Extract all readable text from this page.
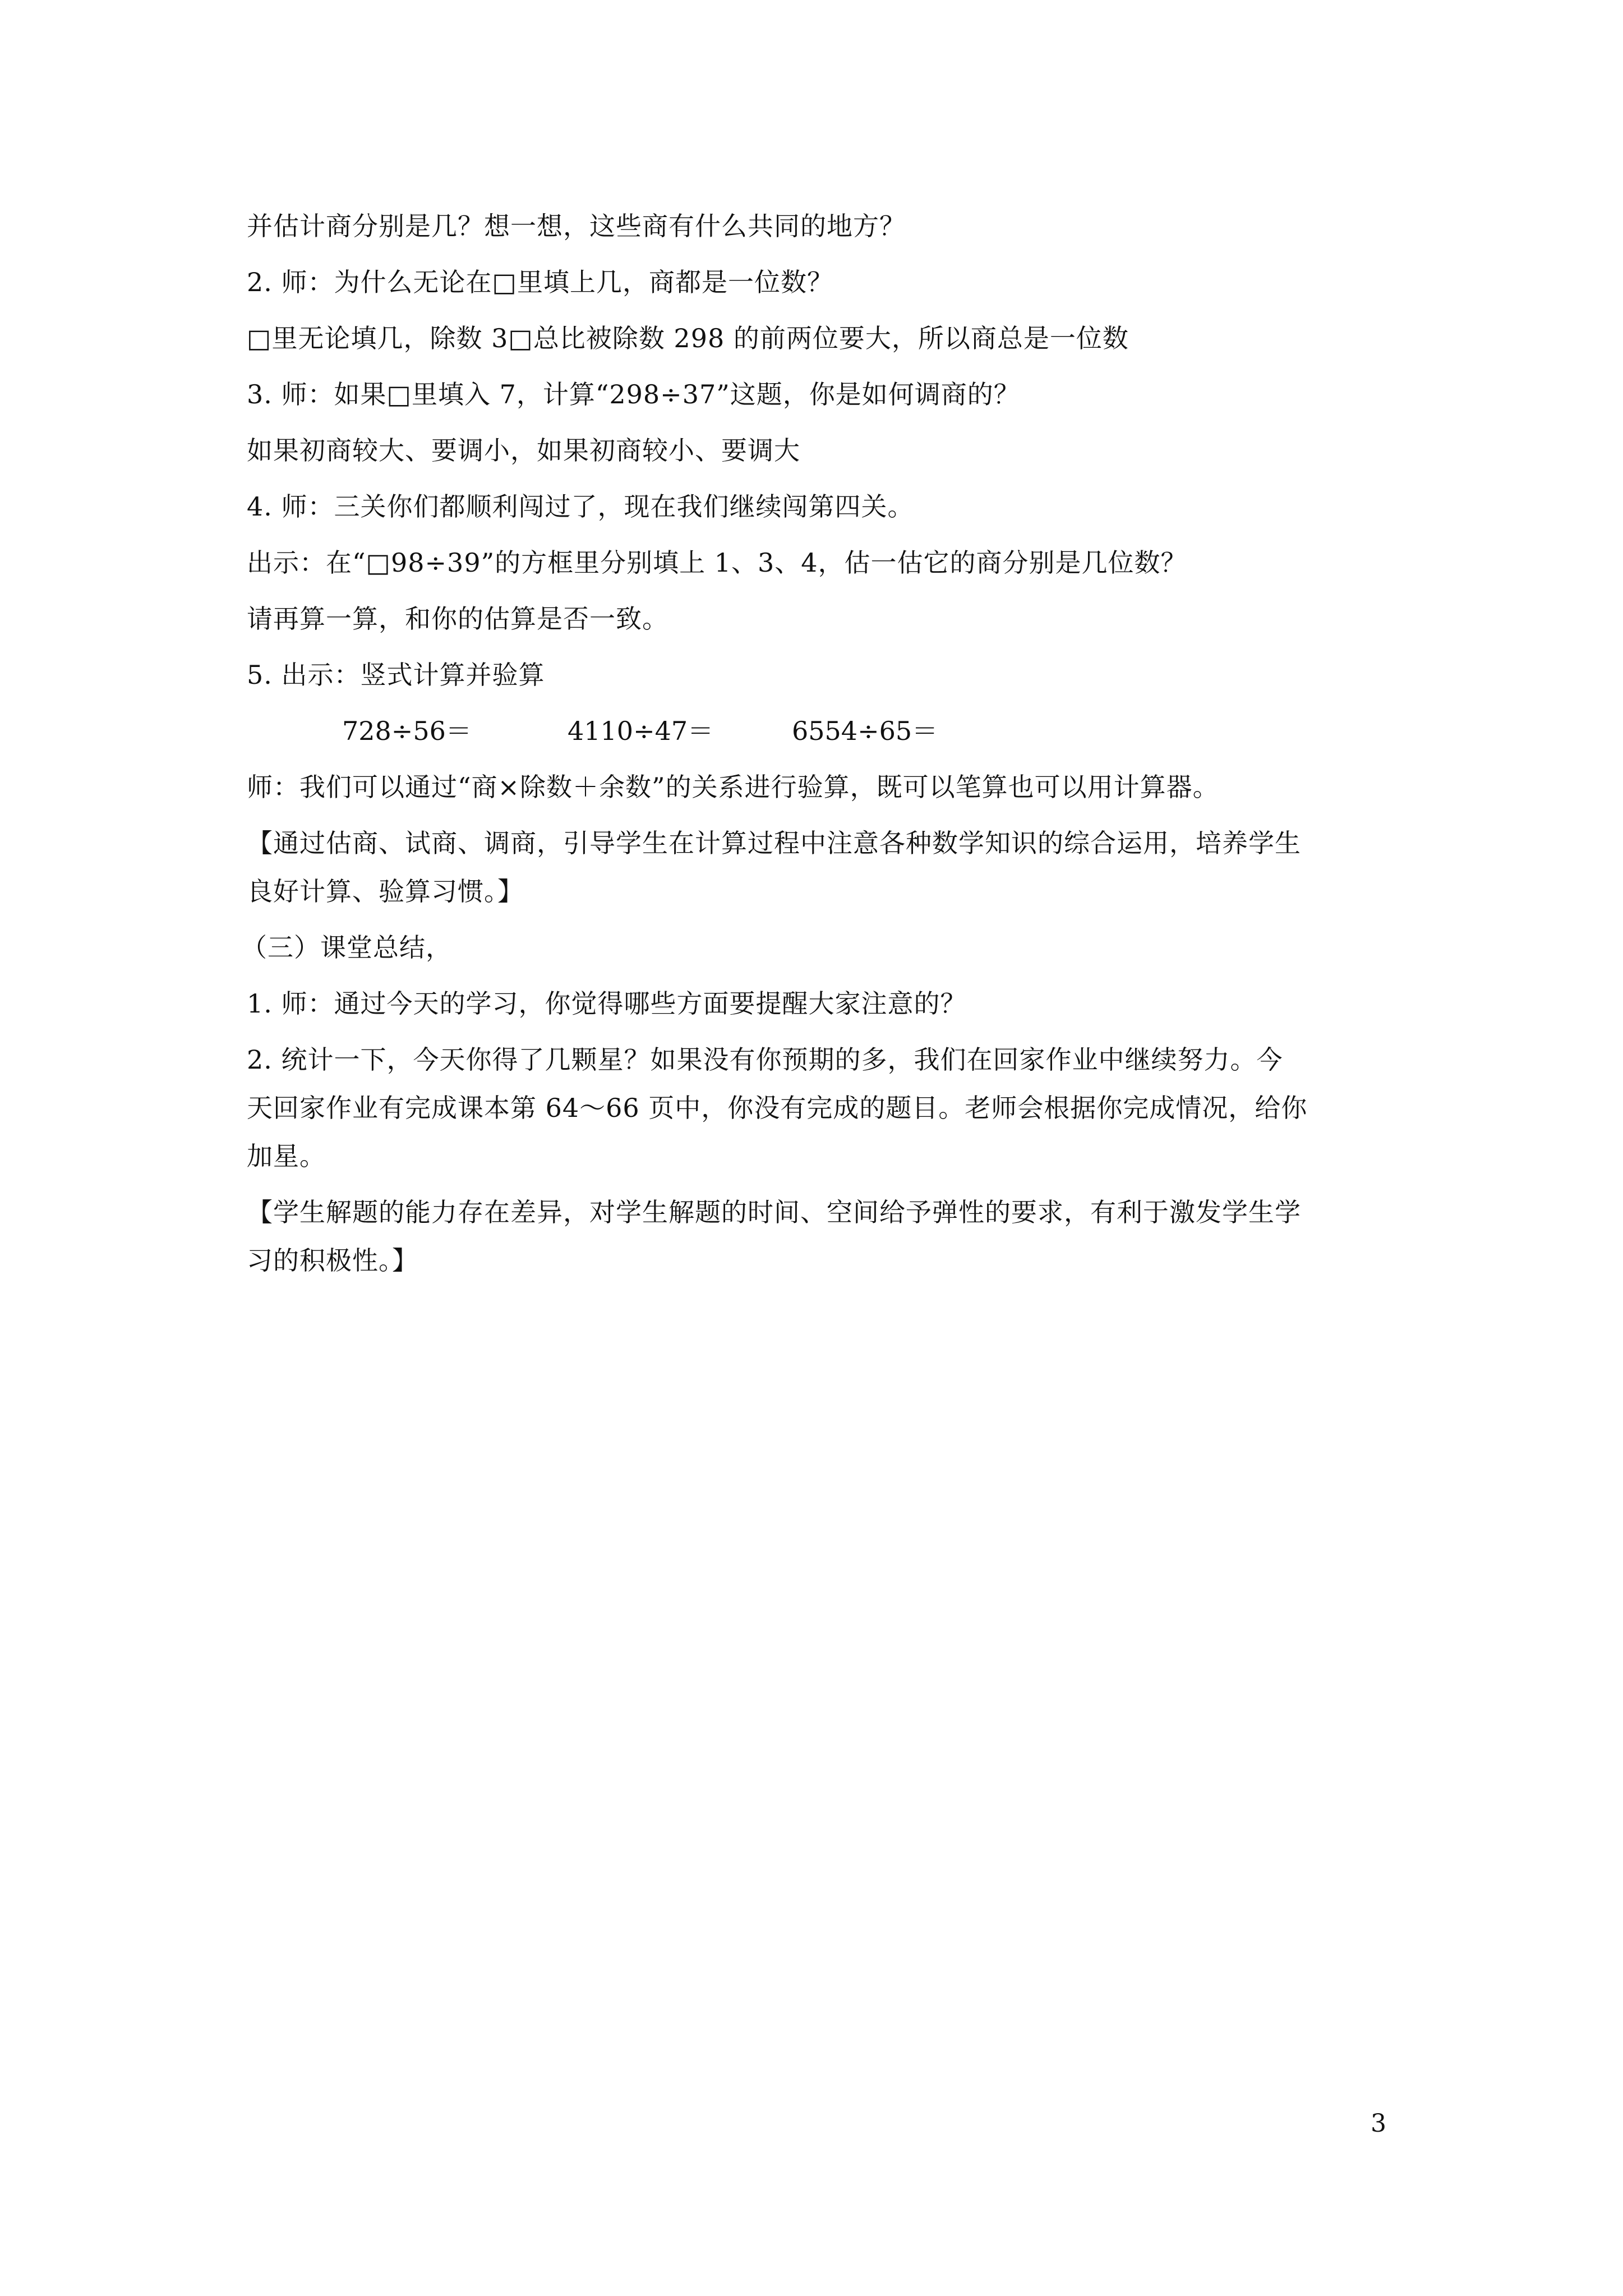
并估计商分别是几？想一想，这些商有什么共同的地方？
2. 师：为什么无论在□里填上几，商都是一位数？
□里无论填几，除数 3□总比被除数 298 的前两位要大，所以商总是一位数
3. 师：如果□里填入 7，计算“298÷37”这题，你是如何调商的？
如果初商较大、要调小，如果初商较小、要调大
4. 师：三关你们都顺利闯过了，现在我们继续闯第四关。
出示：在“□98÷39”的方框里分别填上 1、3、4，估一估它的商分别是几位数？
请再算一算，和你的估算是否一致。
5. 出示：竖式计算并验算
728÷56＝	4110÷47＝	6554÷65＝
师：我们可以通过“商×除数＋余数”的关系进行验算，既可以笔算也可以用计算器。
【通过估商、试商、调商，引导学生在计算过程中注意各种数学知识的综合运用，培养学生
良好计算、验算习惯。】
（三）课堂总结，
1. 师：通过今天的学习，你觉得哪些方面要提醒大家注意的？
2. 统计一下，今天你得了几颗星？如果没有你预期的多，我们在回家作业中继续努力。今
天回家作业有完成课本第 64～66 页中，你没有完成的题目。老师会根据你完成情况，给你
加星。
【学生解题的能力存在差异，对学生解题的时间、空间给予弹性的要求，有利于激发学生学
习的积极性。】
3
